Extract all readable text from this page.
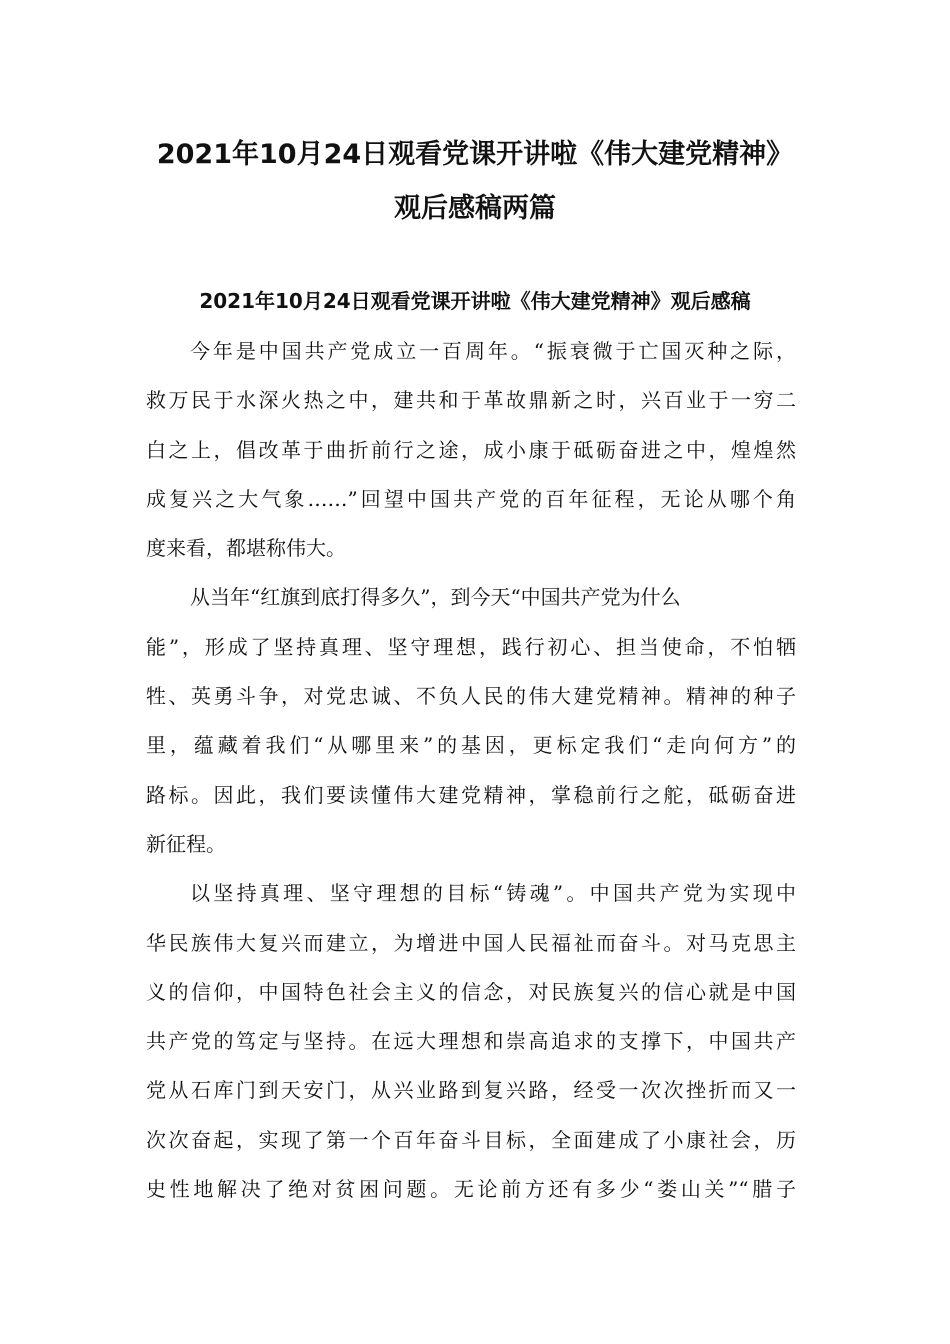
2021年10月24日观看党课开讲啦《伟大建党精神》
观后感稿两篇
2021年10月24日观看党课开讲啦《伟大建党精神》观后感稿
今年是中国共产党成立一百周年。“振衰微于亡国灭种之际，
救万民于水深火热之中，建共和于革故鼎新之时，兴百业于一穷二
白之上，倡改革于曲折前行之途，成小康于砥砺奋进之中，煌煌然
成复兴之大气象……”回望中国共产党的百年征程，无论从哪个角
度来看，都堪称伟大。
从当年“红旗到底打得多久”，到今天“中国共产党为什么
能”，形成了坚持真理、坚守理想，践行初心、担当使命，不怕牺
牲、英勇斗争，对党忠诚、不负人民的伟大建党精神。精神的种子
里，蕴藏着我们“从哪里来”的基因，更标定我们“走向何方”的
路标。因此，我们要读懂伟大建党精神，掌稳前行之舵，砥砺奋进
新征程。
以坚持真理、坚守理想的目标“铸魂”。中国共产党为实现中
华民族伟大复兴而建立，为增进中国人民福祉而奋斗。对马克思主
义的信仰，中国特色社会主义的信念，对民族复兴的信心就是中国
共产党的笃定与坚持。在远大理想和崇高追求的支撑下，中国共产
党从石库门到天安门，从兴业路到复兴路，经受一次次挫折而又一
次次奋起，实现了第一个百年奋斗目标，全面建成了小康社会，历
史性地解决了绝对贫困问题。无论前方还有多少“娄山关”“腊子
